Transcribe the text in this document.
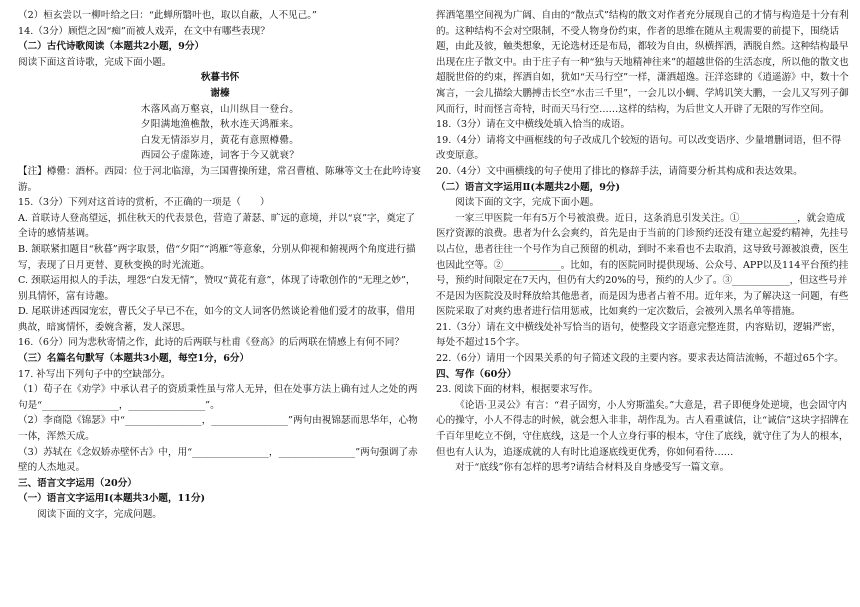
（2）桓玄尝以一柳叶给之曰：“此蝉所翳叶也，取以自蔽，人不见己。”

14.（3分）顾恺之因“痴”而被人戏弄，在文中有哪些表现？

（二）古代诗歌阅读（本题共2小题，9分）

阅读下面这首诗歌，完成下面小题。

秋暮书怀

谢榛

木落风高万壑哀，山川纵目一登台。

夕阳满地渔樵散，秋水连天鸿雁来。

白发无情添岁月，黄花有意照樽罍。

西园公子虚陈迹，词客于今又就衰？

【注】樽罍：酒杯。西园：位于河北临漳，为三国曹操所建，常召曹植、陈琳等文士在此吟诗宴游。

15.（3分）下列对这首诗的赏析，不正确的一项是（　　）

A. 首联诗人登高望远，抓住秋天的代表景色，营造了萧瑟、旷远的意境，并以“哀”字，奠定了全诗的感情基调。

B. 颔联紧扣题目“秋暮”两字取景，借“夕阳”“鸿雁”等意象，分别从仰视和俯视两个角度进行描写，表现了日月更替、夏秋变换的时光流逝。

C. 颈联运用拟人的手法，埋怨“白发无情”，赞叹“黄花有意”，体现了诗歌创作的“无理之妙”，别具情怀，富有诗趣。

D. 尾联讲述西园宠宏，曹氏父子早已不在，如今的文人词客仍然谈论着他们爱才的故事，借用典故，暗寓情怀，委婉含蓄，发人深思。

16.（6分）同为悲秋寄情之作，此诗的后两联与杜甫《登高》的后两联在情感上有何不同？

（三）名篇名句默写（本题共3小题，每空1分，6分）

17. 补写出下列句子中的空缺部分。

（1）荀子在《劝学》中承认君子的资质秉性虽与常人无异，但在处事方法上确有过人之处的两句是“________________，________________”。

（2）李商隐《锦瑟》中“________________，________________”两句由視锦瑟而思华年，心物一体，浑然天成。

（3）苏轼在《念奴娇赤壁怀古》中，用“________________，________________”两句强调了赤壁的人杰地灵。

三、语言文字运用（20分）

（一）语言文字运用Ⅰ(本题共3小题，11分)

阅读下面的文字，完成问题。

挥洒笔墨空间视为广阔、自由的“散点式”结构的散文对作者充分展现自己的才情与构造是十分有利的。这种结构不会对空限制，不受人物身份约束，作者的思维在随从主观需要的前提下，围绕话题，由此及彼，触类想象，无论选材还是布局，都较为自由，纵横挥洒，洒脱自然。这种结构最早出现在庄子散文中。由于庄子有一种“独与天地精神往来”的超越世俗的生活态度，所以他的散文也超脱世俗的约束，挥洒自如，犹如“天马行空”一样，潇洒超逸。汪洋恣肆的《逍遥游》中，数十个寓言，一会儿描绘大鹏搏击长空“水击三千里”，一会儿以小蜩、学鸠讥笑大鹏，一会儿又写列子御风而行，时而怪言奇特，时而天马行空……这样的结构，为后世文人开辟了无限的写作空间。

18.（3分）请在文中横线处填入恰当的成语。

19.（4分）请将文中画框线的句子改成几个较短的语句。可以改变语序、少量增删词语，但不得改变原意。

20.（4分）文中画横线的句子使用了排比的修辞手法，请简要分析其构成和表达效果。

（二）语言文字运用Ⅱ(本题共2小题，9分)

阅读下面的文字，完成下面小题。

一家三甲医院一年有5万个号被浪费。近日，这条消息引发关注。①____________，就会造成医疗资源的浪费。患者为什么会爽约，首先是由于当前的门诊预约还没有建立起爱约精神，先挂号以占位，患者往往一个号作为自己预留的机动，到时不来看也不去取消，这导致号源被浪费，医生也因此空等。②____________。比如，有的医院同时提供现场、公众号、APP以及114平台预约挂号，预约时间限定在7天内，但仍有大约20%的号，预约的人少了。③____________，但这些号并不是因为医院没及时释放给其他患者，而是因为患者占着不用。近年来，为了解决这一问题，有些医院采取了对爽约患者进行信用惩戒，比如爽约一定次数后，会被列入黑名单等措施。

21.（3分）请在文中横线处补写恰当的语句，使整段文字语意完整连贯，内容贴切，逻辑严密，每处不超过15个字。

22.（6分）请用一个因果关系的句子简述文段的主要内容。要求表达简洁流畅，不超过65个字。

四、写作（60分）

23. 阅读下面的材料，根据要求写作。

《论语·卫灵公》有言：“君子固穷，小人穷斯滥矣。”大意是，君子即便身处逆境，也会固守内心的操守，小人不得志的时候，就会想入非非，胡作乱为。古人看重诚信，让“诚信”这块字招牌在千百年里屹立不倒，守住底线，这是一个人立身行事的根本，守住了底线，就守住了为人的根本，但也有人认为，追逐成就的人有时比追逐底线更优秀，你如何看待……

对于“底线”你有怎样的思考?请结合材料及自身感受写一篇文章。
